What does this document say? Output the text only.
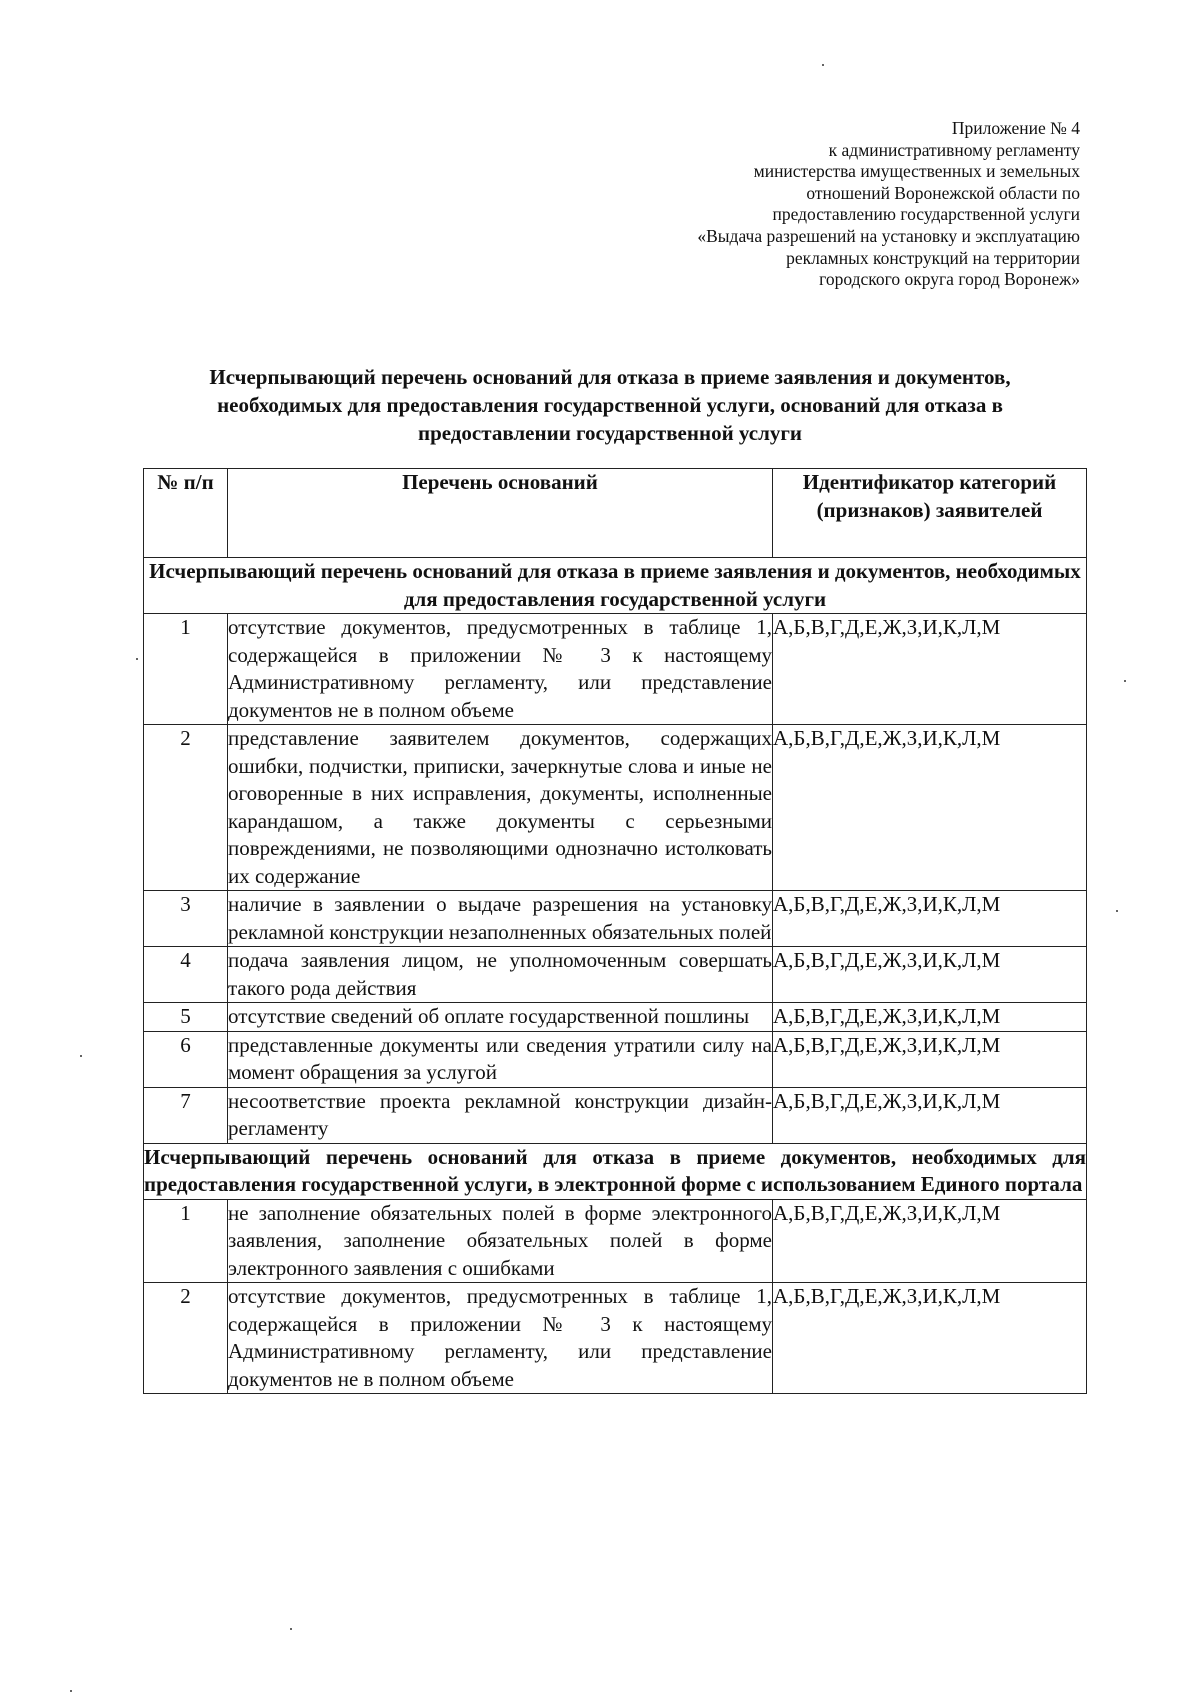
Приложение № 4
к административному регламенту
министерства имущественных и земельных
отношений Воронежской области по
предоставлению государственной услуги
«Выдача разрешений на установку и эксплуатацию
рекламных конструкций на территории
городского округа город Воронеж»
Исчерпывающий перечень оснований для отказа в приеме заявления и документов,
необходимых для предоставления государственной услуги, оснований для отказа в
предоставлении государственной услуги
№ п/п	Перечень оснований	Идентификатор категорий (признаков) заявителей
Исчерпывающий перечень оснований для отказа в приеме заявления и документов, необходимых для предоставления государственной услуги		
1	отсутствие документов, предусмотренных в таблице 1, содержащейся в приложении № 3 к настоящему Административному регламенту, или представление документов не в полном объеме	А,Б,В,Г,Д,Е,Ж,З,И,К,Л,М
2	представление заявителем документов, содержащих ошибки, подчистки, приписки, зачеркнутые слова и иные не оговоренные в них исправления, документы, исполненные карандашом, а также документы с серьезными повреждениями, не позволяющими однозначно истолковать их содержание	А,Б,В,Г,Д,Е,Ж,З,И,К,Л,М
3	наличие в заявлении о выдаче разрешения на установку рекламной конструкции незаполненных обязательных полей	А,Б,В,Г,Д,Е,Ж,З,И,К,Л,М
4	подача заявления лицом, не уполномоченным совершать такого рода действия	А,Б,В,Г,Д,Е,Ж,З,И,К,Л,М
5	отсутствие сведений об оплате государственной пошлины	А,Б,В,Г,Д,Е,Ж,З,И,К,Л,М
6	представленные документы или сведения утратили силу на момент обращения за услугой	А,Б,В,Г,Д,Е,Ж,З,И,К,Л,М
7	несоответствие проекта рекламной конструкции дизайн-регламенту	А,Б,В,Г,Д,Е,Ж,З,И,К,Л,М
Исчерпывающий перечень оснований для отказа в приеме документов, необходимых для предоставления государственной услуги, в электронной форме с использованием Единого портала		
1	не заполнение обязательных полей в форме электронного заявления, заполнение обязательных полей в форме электронного заявления с ошибками	А,Б,В,Г,Д,Е,Ж,З,И,К,Л,М
2	отсутствие документов, предусмотренных в таблице 1, содержащейся в приложении № 3 к настоящему Административному регламенту, или представление документов не в полном объеме	А,Б,В,Г,Д,Е,Ж,З,И,К,Л,М
